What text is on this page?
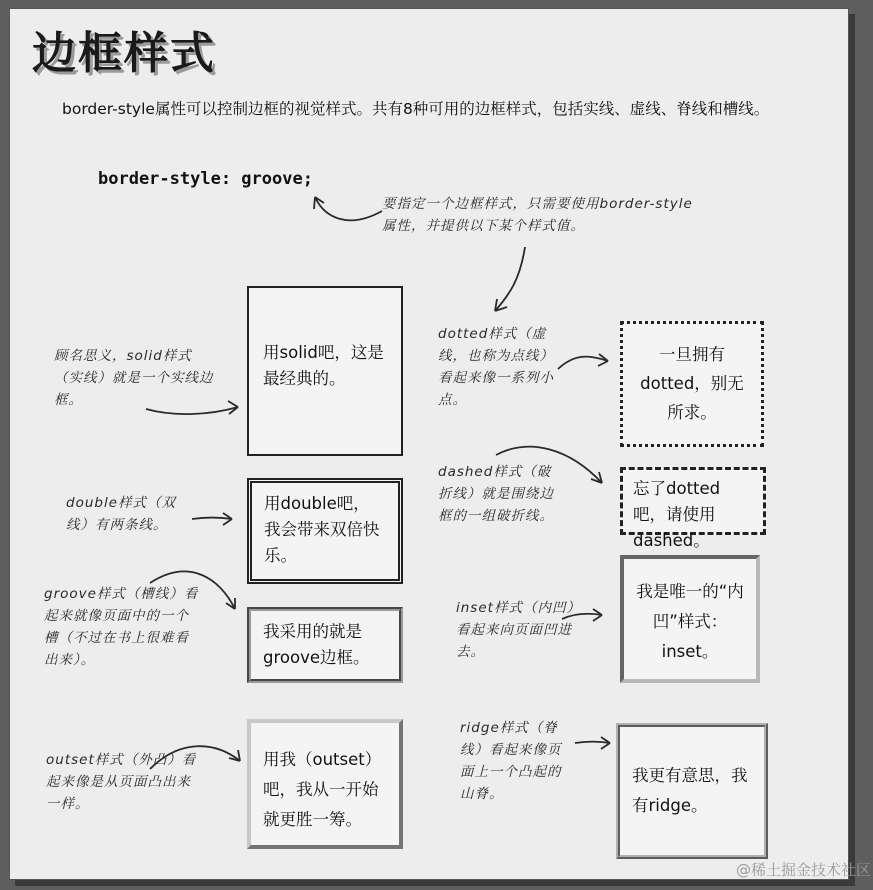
边框样式
border-style属性可以控制边框的视觉样式。共有8种可用的边框样式，包括实线、虚线、脊线和槽线。
border-style: groove;
要指定一个边框样式，只需要使用border-style属性，并提供以下某个样式值。
顾名思义，solid样式（实线）就是一个实线边框。
用solid吧，这是最经典的。
dotted样式（虚线，也称为点线）看起来像一系列小点。
一旦拥有dotted，别无所求。
double样式（双线）有两条线。
用double吧，我会带来双倍快乐。
dashed样式（破折线）就是围绕边框的一组破折线。
忘了dotted吧，请使用dashed。
groove样式（槽线）看起来就像页面中的一个槽（不过在书上很难看出来）。
我采用的就是groove边框。
inset样式（内凹）看起来向页面凹进去。
我是唯一的“内凹”样式：inset。
outset样式（外凸）看起来像是从页面凸出来一样。
用我（outset）吧，我从一开始就更胜一筹。
ridge样式（脊线）看起来像页面上一个凸起的山脊。
我更有意思，我有ridge。
@稀土掘金技术社区
